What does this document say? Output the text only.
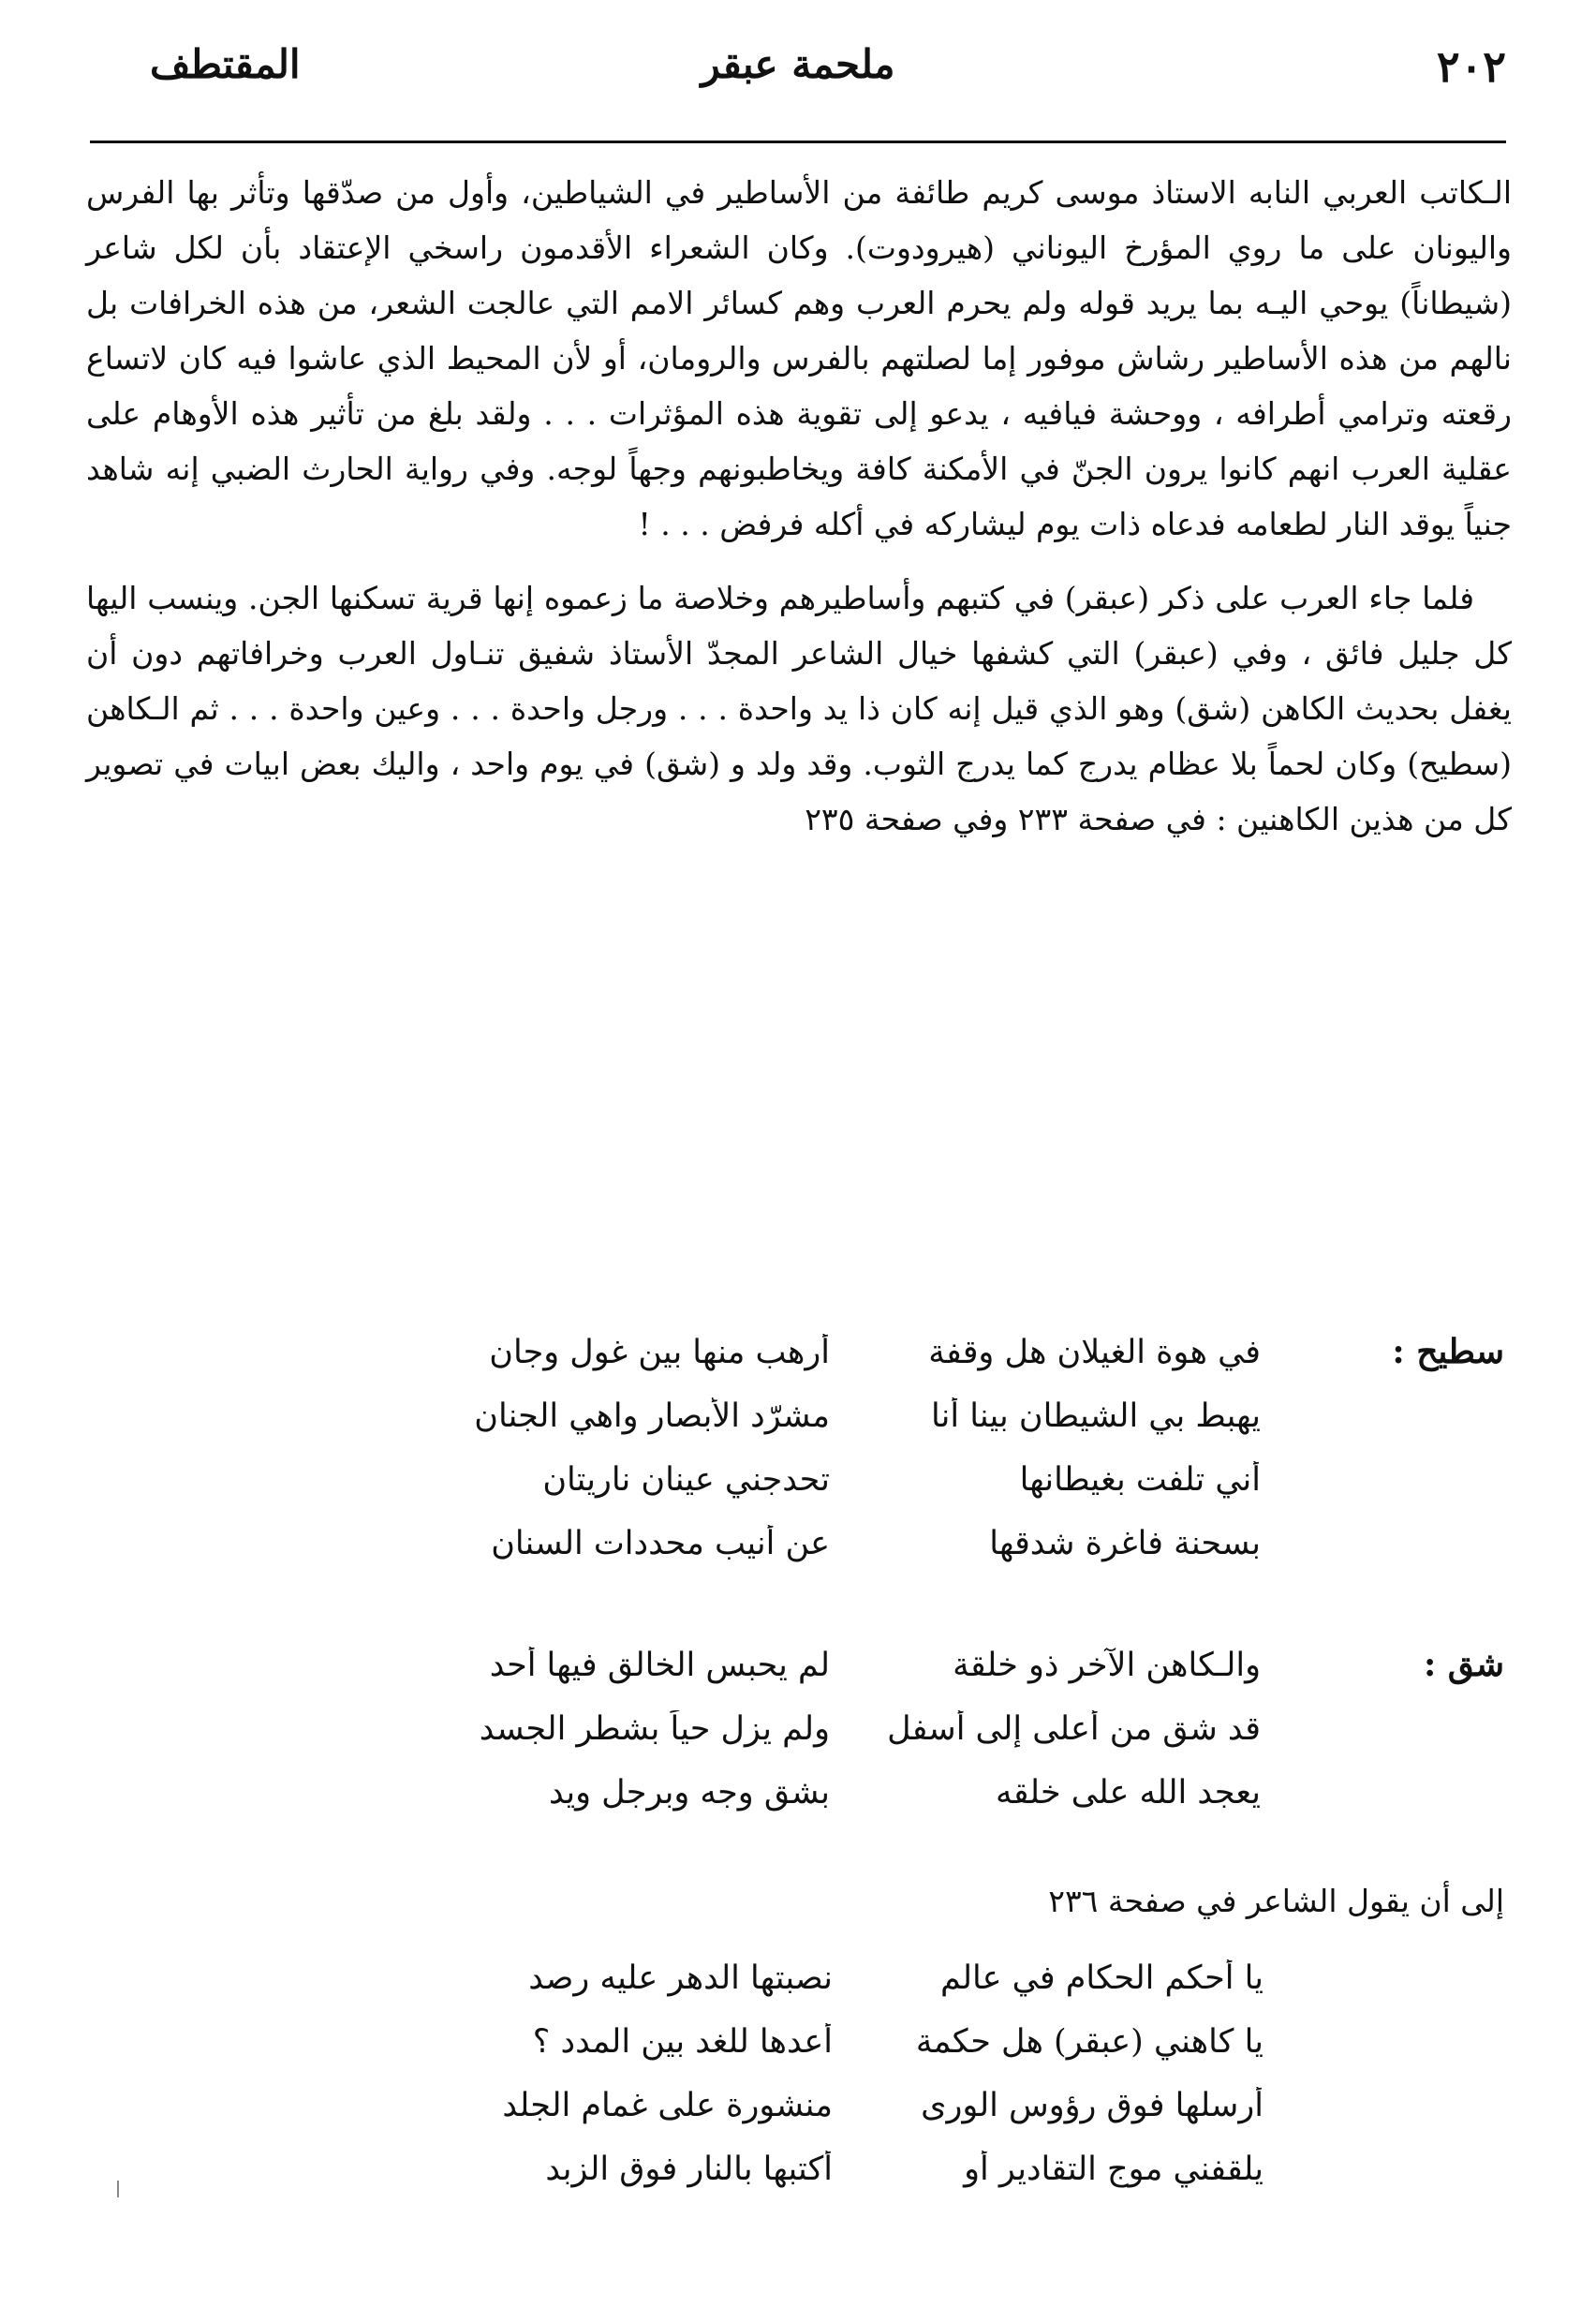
٢٠٢
ملحمة عبقر
المقتطف

الـكاتب العربي النابه الاستاذ موسى كريم طائفة من الأساطير في الشياطين، وأول من صدّقها وتأثر بها الفرس واليونان على ما روي المؤرخ اليوناني (هيرودوت). وكان الشعراء الأقدمون راسخي الإعتقاد بأن لكل شاعر (شيطاناً) يوحي اليـه بما يريد قوله ولم يحرم العرب وهم كسائر الامم التي عالجت الشعر، من هذه الخرافات بل نالهم من هذه الأساطير رشاش موفور إما لصلتهم بالفرس والرومان، أو لأن المحيط الذي عاشوا فيه كان لاتساع رقعته وترامي أطرافه ، ووحشة فيافيه ، يدعو إلى تقوية هذه المؤثرات . . . ولقد بلغ من تأثير هذه الأوهام على عقلية العرب انهم كانوا يرون الجنّ في الأمكنة كافة ويخاطبونهم وجهاً لوجه. وفي رواية الحارث الضبي إنه شاهد جنياً يوقد النار لطعامه فدعاه ذات يوم ليشاركه في أكله فرفض . . . !

فلما جاء العرب على ذكر (عبقر) في كتبهم وأساطيرهم وخلاصة ما زعموه إنها قرية تسكنها الجن. وينسب اليها كل جليل فائق ، وفي (عبقر) التي كشفها خيال الشاعر المجدّ الأستاذ شفيق تنـاول العرب وخرافاتهم دون أن يغفل بحديث الكاهن (شق) وهو الذي قيل إنه كان ذا يد واحدة . . . ورجل واحدة . . . وعين واحدة . . . ثم الـكاهن (سطيح) وكان لحماً بلا عظام يدرج كما يدرج الثوب. وقد ولد و (شق) في يوم واحد ، واليك بعض ابيات في تصوير كل من هذين الكاهنين : في صفحة ٢٣٣ وفي صفحة ٢٣٥

سطيح :
في هوة الغيلان هل وقفة
أرهب منها بين غول وجان
يهبط بي الشيطان بينا أنا
مشرّد الأبصار واهي الجنان
أني تلفت بغيطانها
تحدجني عينان ناريتان
بسحنة فاغرة شدقها
عن أنيب محددات السنان
شق :
والـكاهن الآخر ذو خلقة
لم يحبس الخالق فيها أحد
قد شق من أعلى إلى أسفل
ولم يزل حياً بشطر الجسد
يعجد الله على خلقه
بشق وجه وبرجل ويد

إلى أن يقول الشاعر في صفحة ٢٣٦

يا أحكم الحكام في عالم
نصبتها الدهر عليه رصد
يا كاهني (عبقر) هل حكمة
أعدها للغد بين المدد ؟
أرسلها فوق رؤوس الورى
منشورة على غمام الجلد
يلقفني موج التقادير أو
أكتبها بالنار فوق الزبد
